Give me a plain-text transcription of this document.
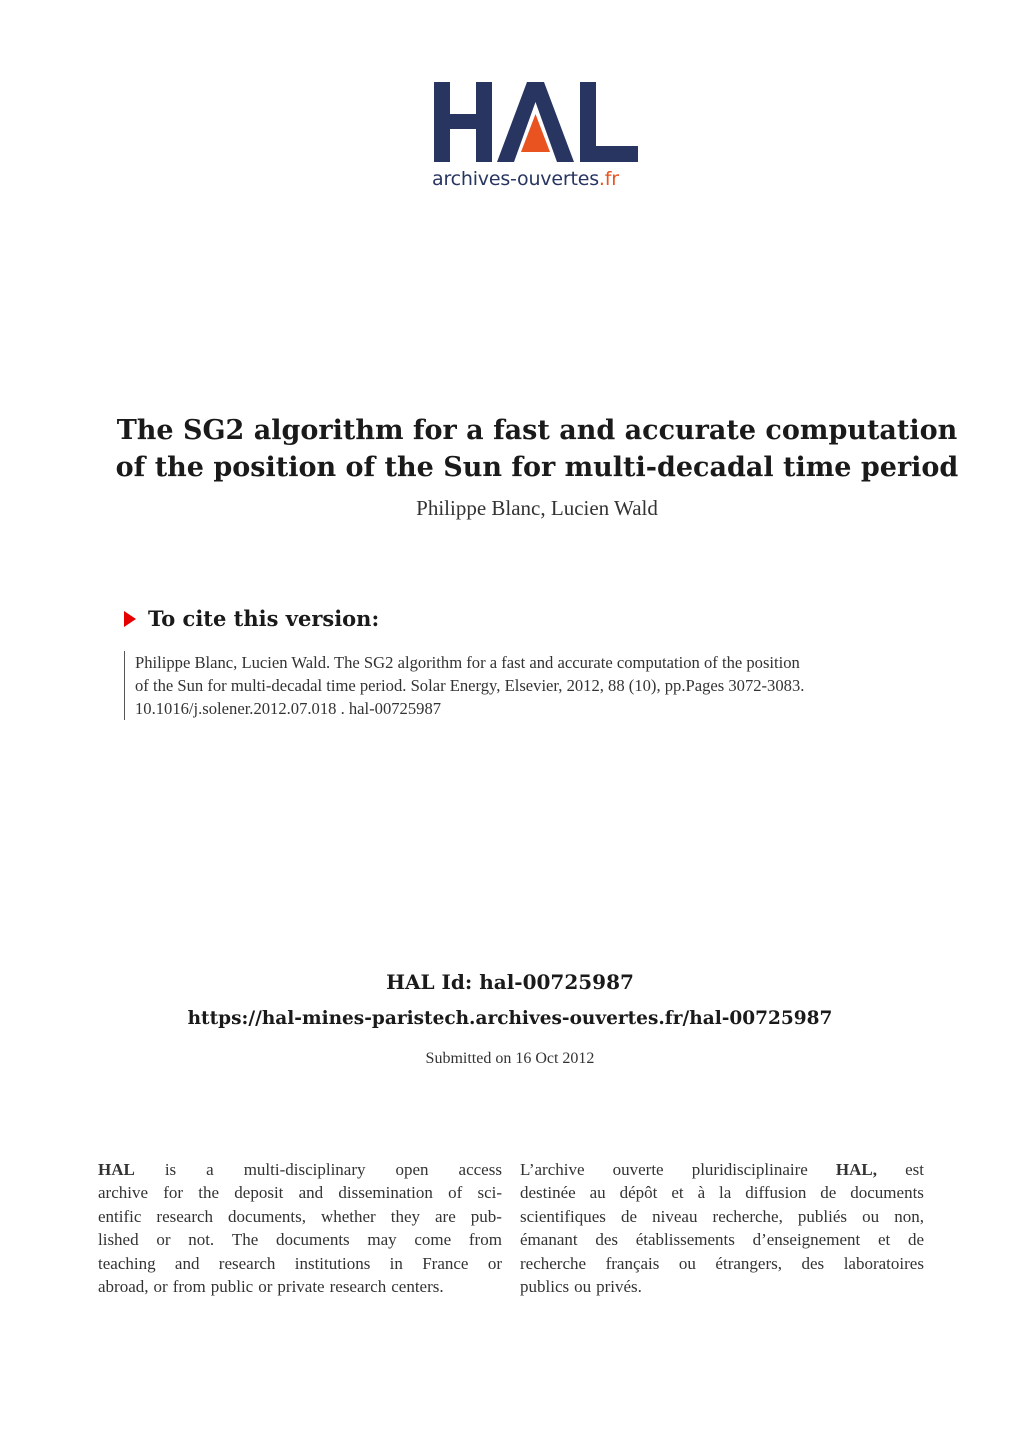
archives-ouvertes.fr
The SG2 algorithm for a fast and accurate computation
of the position of the Sun for multi-decadal time period
Philippe Blanc, Lucien Wald
To cite this version:
Philippe Blanc, Lucien Wald. The SG2 algorithm for a fast and accurate computation of the position
of the Sun for multi-decadal time period. Solar Energy, Elsevier, 2012, 88 (10), pp.Pages 3072-3083.
10.1016/j.solener.2012.07.018 . hal-00725987
HAL Id: hal-00725987
https://hal-mines-paristech.archives-ouvertes.fr/hal-00725987
Submitted on 16 Oct 2012
HAL is a multi-disciplinary open access
archive for the deposit and dissemination of sci-
entific research documents, whether they are pub-
lished or not. The documents may come from
teaching and research institutions in France or
abroad, or from public or private research centers.
L’archive ouverte pluridisciplinaire HAL, est
destinée au dépôt et à la diffusion de documents
scientifiques de niveau recherche, publiés ou non,
émanant des établissements d’enseignement et de
recherche français ou étrangers, des laboratoires
publics ou privés.
